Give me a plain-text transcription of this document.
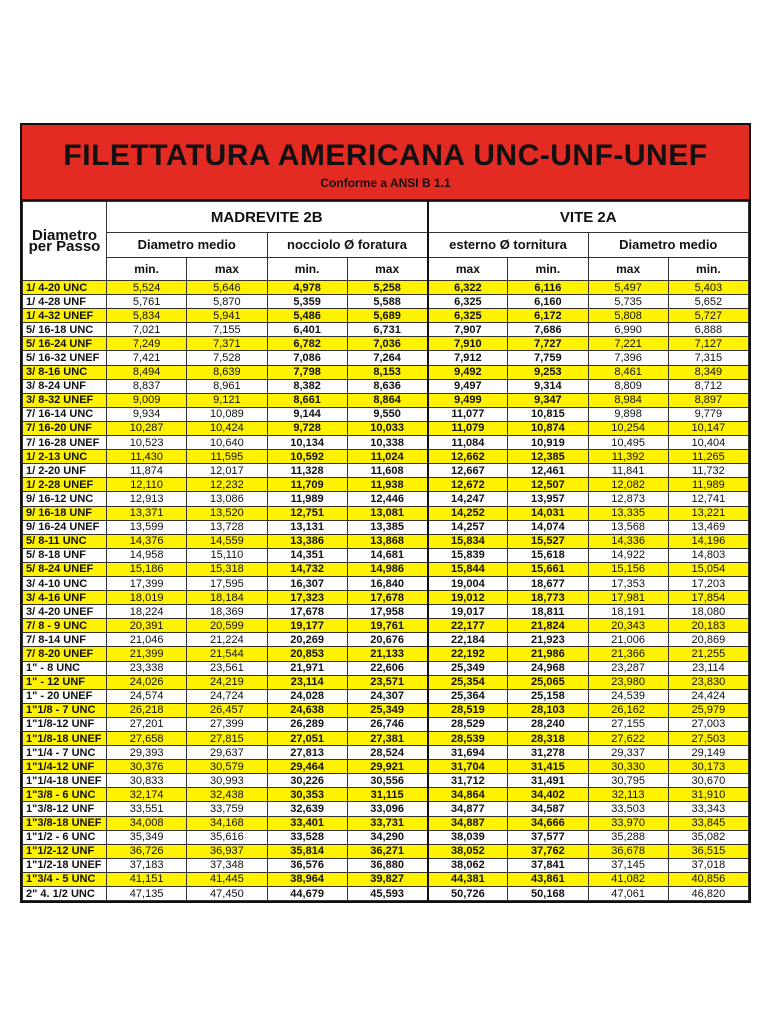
FILETTATURA AMERICANA UNC-UNF-UNEF
Conforme a ANSI B 1.1
Diametro per Passo	MADREVITE 2B				VITE 2A			
	Diametro medio		nocciolo Ø foratura		esterno Ø tornitura		Diametro medio	
	min.	max	min.	max	max	min.	max	min.
1/ 4-20 UNC	5,524	5,646	4,978	5,258	6,322	6,116	5,497	5,403
1/ 4-28 UNF	5,761	5,870	5,359	5,588	6,325	6,160	5,735	5,652
1/ 4-32 UNEF	5,834	5,941	5,486	5,689	6,325	6,172	5,808	5,727
5/ 16-18 UNC	7,021	7,155	6,401	6,731	7,907	7,686	6,990	6,888
5/ 16-24 UNF	7,249	7,371	6,782	7,036	7,910	7,727	7,221	7,127
5/ 16-32 UNEF	7,421	7,528	7,086	7,264	7,912	7,759	7,396	7,315
3/ 8-16 UNC	8,494	8,639	7,798	8,153	9,492	9,253	8,461	8,349
3/ 8-24 UNF	8,837	8,961	8,382	8,636	9,497	9,314	8,809	8,712
3/ 8-32 UNEF	9,009	9,121	8,661	8,864	9,499	9,347	8,984	8,897
7/ 16-14 UNC	9,934	10,089	9,144	9,550	11,077	10,815	9,898	9,779
7/ 16-20 UNF	10,287	10,424	9,728	10,033	11,079	10,874	10,254	10,147
7/ 16-28 UNEF	10,523	10,640	10,134	10,338	11,084	10,919	10,495	10,404
1/ 2-13 UNC	11,430	11,595	10,592	11,024	12,662	12,385	11,392	11,265
1/ 2-20 UNF	11,874	12,017	11,328	11,608	12,667	12,461	11,841	11,732
1/ 2-28 UNEF	12,110	12,232	11,709	11,938	12,672	12,507	12,082	11,989
9/ 16-12 UNC	12,913	13,086	11,989	12,446	14,247	13,957	12,873	12,741
9/ 16-18 UNF	13,371	13,520	12,751	13,081	14,252	14,031	13,335	13,221
9/ 16-24 UNEF	13,599	13,728	13,131	13,385	14,257	14,074	13,568	13,469
5/ 8-11 UNC	14,376	14,559	13,386	13,868	15,834	15,527	14,336	14,196
5/ 8-18 UNF	14,958	15,110	14,351	14,681	15,839	15,618	14,922	14,803
5/ 8-24 UNEF	15,186	15,318	14,732	14,986	15,844	15,661	15,156	15,054
3/ 4-10 UNC	17,399	17,595	16,307	16,840	19,004	18,677	17,353	17,203
3/ 4-16 UNF	18,019	18,184	17,323	17,678	19,012	18,773	17,981	17,854
3/ 4-20 UNEF	18,224	18,369	17,678	17,958	19,017	18,811	18,191	18,080
7/ 8 - 9 UNC	20,391	20,599	19,177	19,761	22,177	21,824	20,343	20,183
7/ 8-14 UNF	21,046	21,224	20,269	20,676	22,184	21,923	21,006	20,869
7/ 8-20 UNEF	21,399	21,544	20,853	21,133	22,192	21,986	21,366	21,255
1" - 8 UNC	23,338	23,561	21,971	22,606	25,349	24,968	23,287	23,114
1" - 12 UNF	24,026	24,219	23,114	23,571	25,354	25,065	23,980	23,830
1" - 20 UNEF	24,574	24,724	24,028	24,307	25,364	25,158	24,539	24,424
1"1/8 - 7 UNC	26,218	26,457	24,638	25,349	28,519	28,103	26,162	25,979
1"1/8-12 UNF	27,201	27,399	26,289	26,746	28,529	28,240	27,155	27,003
1"1/8-18 UNEF	27,658	27,815	27,051	27,381	28,539	28,318	27,622	27,503
1"1/4 - 7 UNC	29,393	29,637	27,813	28,524	31,694	31,278	29,337	29,149
1"1/4-12 UNF	30,376	30,579	29,464	29,921	31,704	31,415	30,330	30,173
1"1/4-18 UNEF	30,833	30,993	30,226	30,556	31,712	31,491	30,795	30,670
1"3/8 - 6 UNC	32,174	32,438	30,353	31,115	34,864	34,402	32,113	31,910
1"3/8-12 UNF	33,551	33,759	32,639	33,096	34,877	34,587	33,503	33,343
1"3/8-18 UNEF	34,008	34,168	33,401	33,731	34,887	34,666	33,970	33,845
1"1/2 - 6 UNC	35,349	35,616	33,528	34,290	38,039	37,577	35,288	35,082
1"1/2-12 UNF	36,726	36,937	35,814	36,271	38,052	37,762	36,678	36,515
1"1/2-18 UNEF	37,183	37,348	36,576	36,880	38,062	37,841	37,145	37,018
1"3/4 - 5 UNC	41,151	41,445	38,964	39,827	44,381	43,861	41,082	40,856
2" 4. 1/2 UNC	47,135	47,450	44,679	45,593	50,726	50,168	47,061	46,820
